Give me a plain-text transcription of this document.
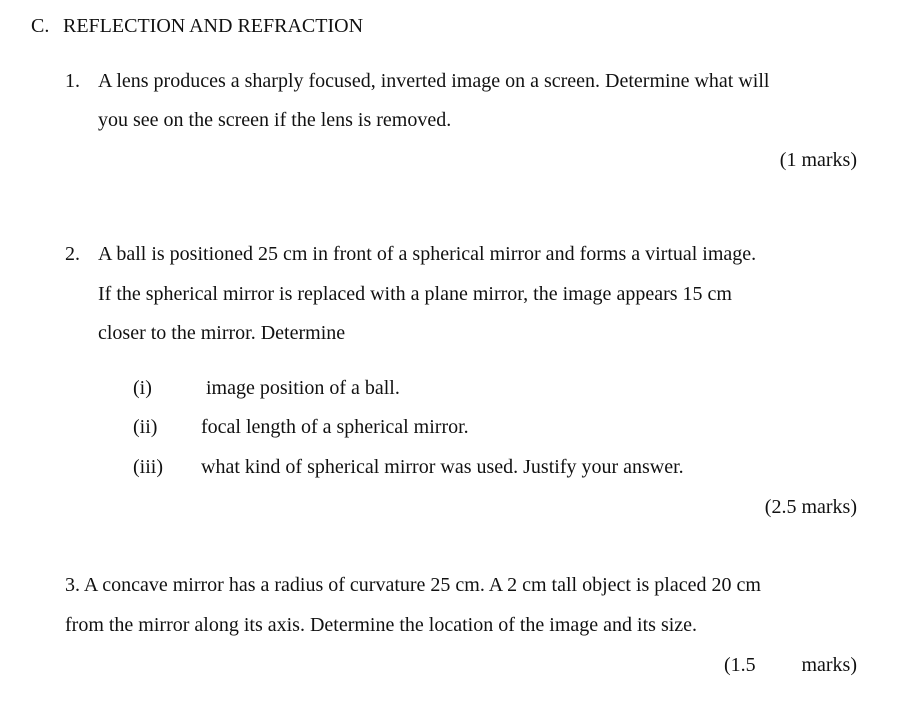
C. REFLECTION AND REFRACTION
1. A lens produces a sharply focused, inverted image on a screen. Determine what will
you see on the screen if the lens is removed.
(1 marks)
2. A ball is positioned 25 cm in front of a spherical mirror and forms a virtual image.
If the spherical mirror is replaced with a plane mirror, the image appears 15 cm
closer to the mirror. Determine
(i)	image position of a ball.
(ii) focal length of a spherical mirror.
(iii) what kind of spherical mirror was used. Justify your answer.
(2.5 marks)
3. A concave mirror has a radius of curvature 25 cm. A 2 cm tall object is placed 20 cm
from the mirror along its axis. Determine the location of the image and its size.
(1.5 marks)
